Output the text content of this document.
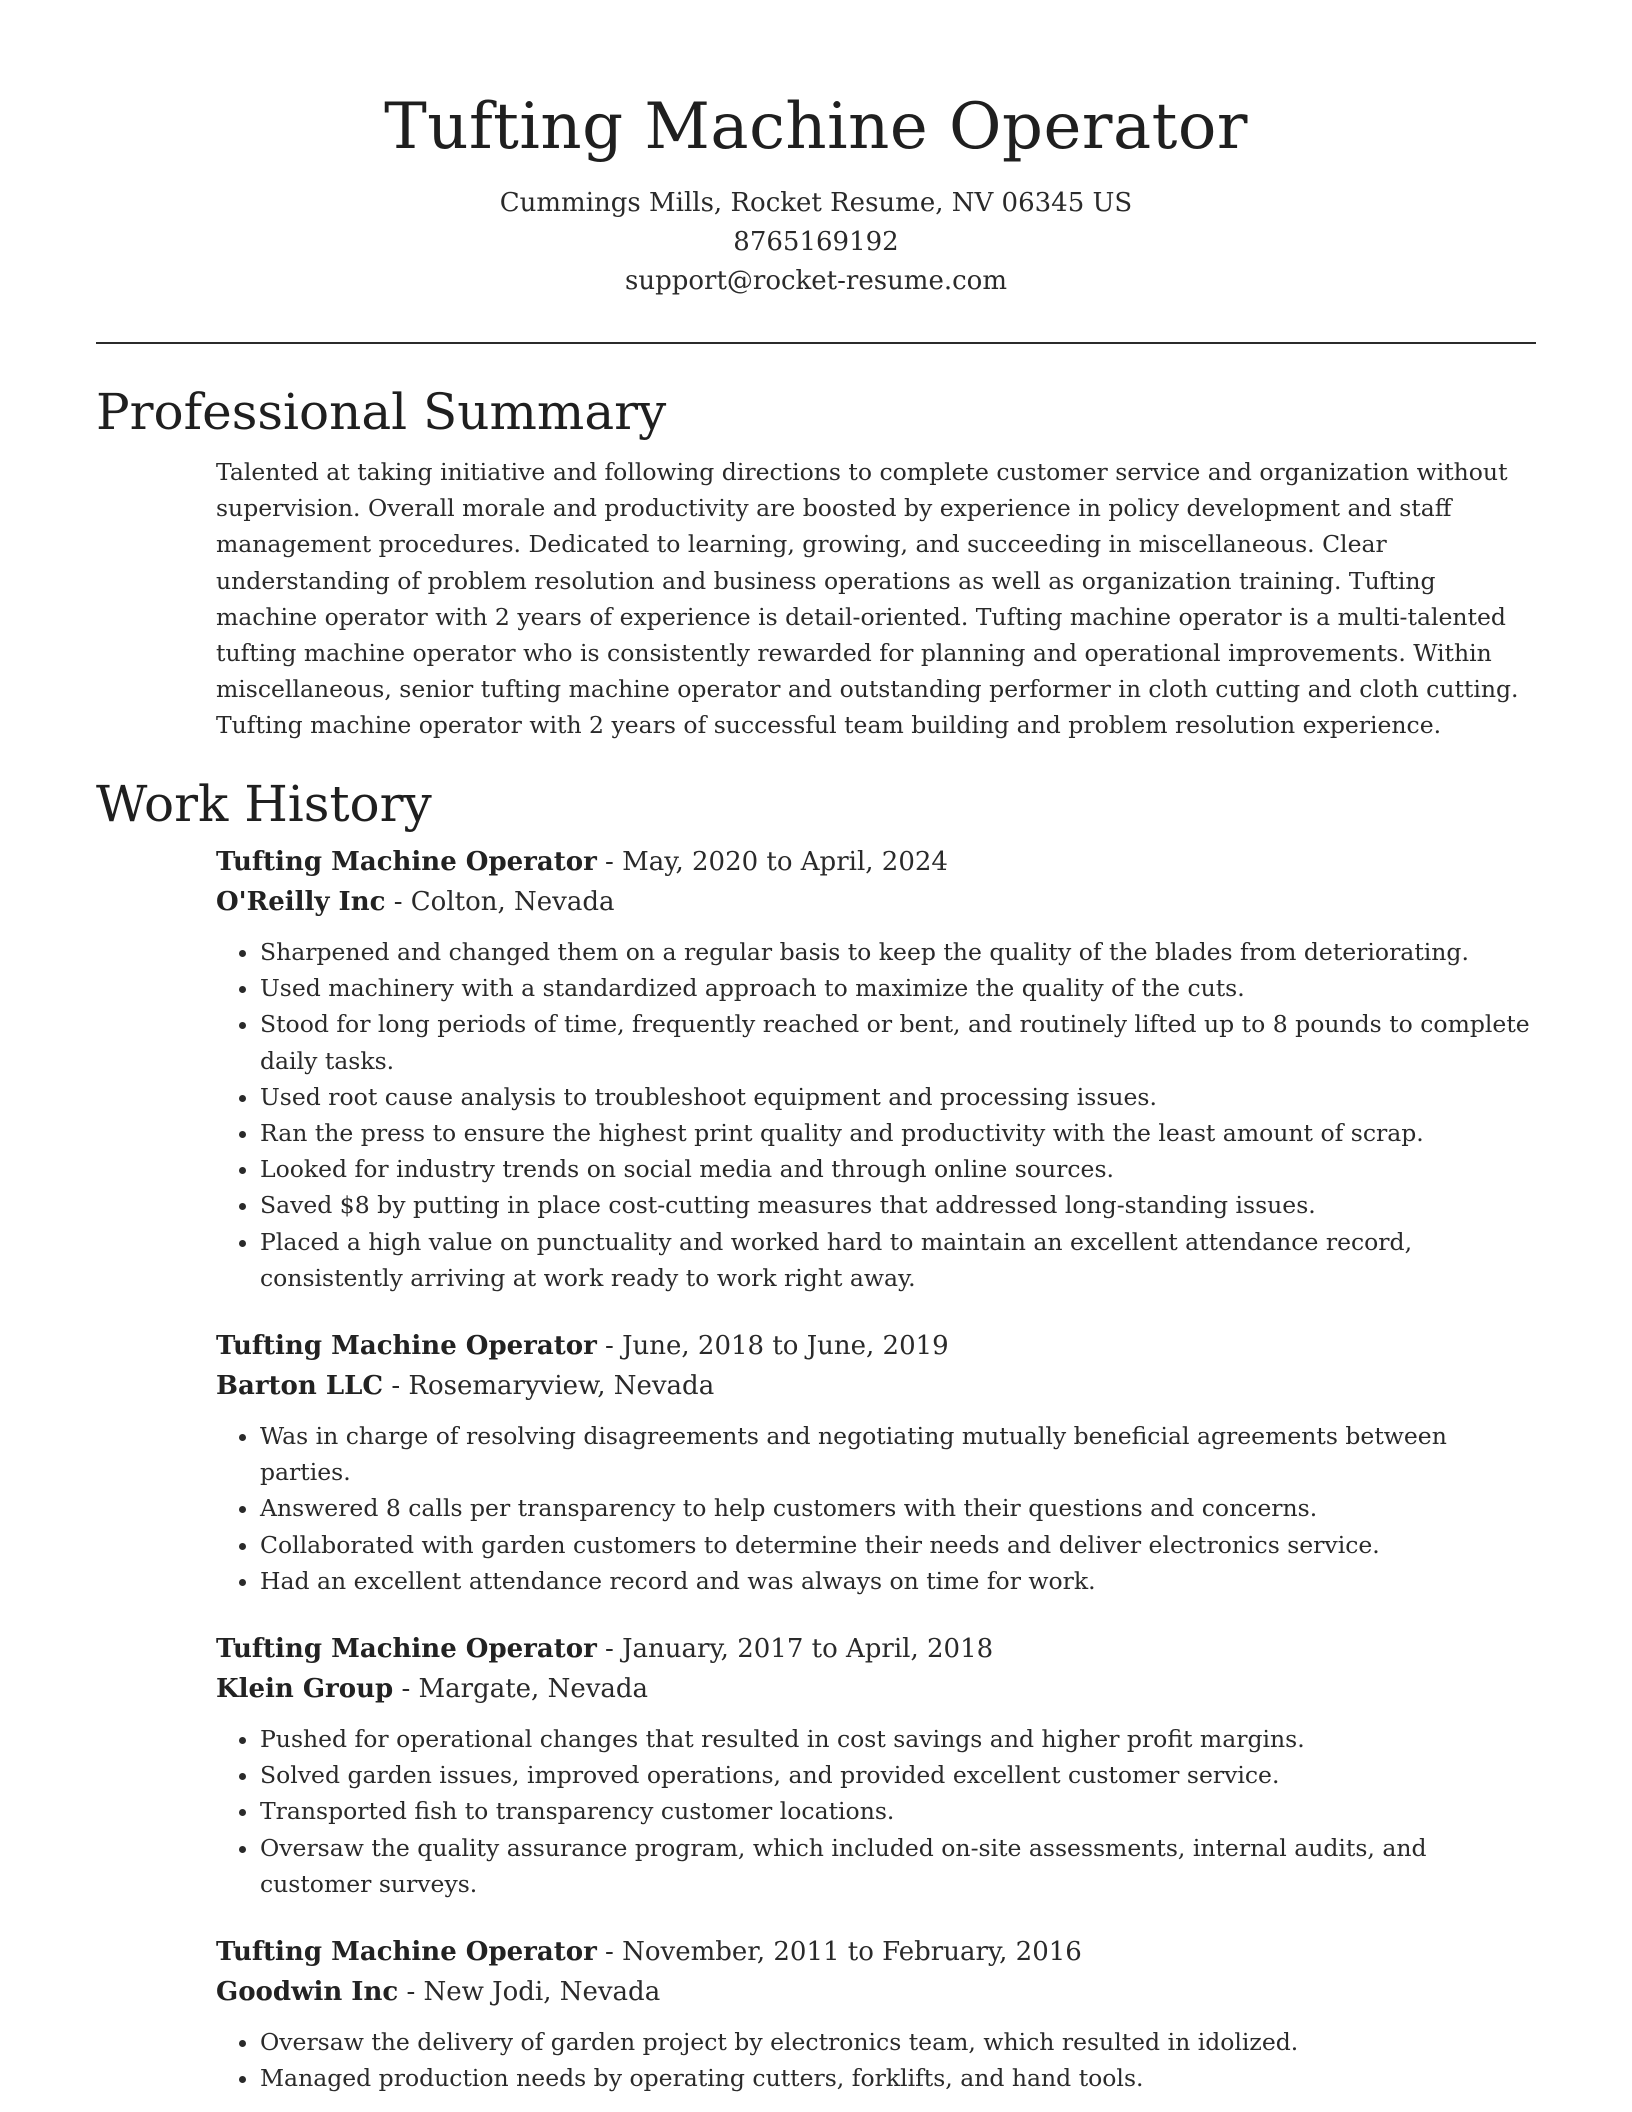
Tufting Machine Operator
Cummings Mills, Rocket Resume, NV 06345 US
8765169192
support@rocket-resume.com
Professional Summary

Talented at taking initiative and following directions to complete customer service and organization without supervision. Overall morale and productivity are boosted by experience in policy development and staff management procedures. Dedicated to learning, growing, and succeeding in miscellaneous. Clear understanding of problem resolution and business operations as well as organization training. Tufting machine operator with 2 years of experience is detail-oriented. Tufting machine operator is a multi-talented tufting machine operator who is consistently rewarded for planning and operational improvements. Within miscellaneous, senior tufting machine operator and outstanding performer in cloth cutting and cloth cutting. Tufting machine operator with 2 years of successful team building and problem resolution experience.

Work History
Tufting Machine Operator - May, 2020 to April, 2024
O'Reilly Inc - Colton, Nevada
• Sharpened and changed them on a regular basis to keep the quality of the blades from deteriorating.
• Used machinery with a standardized approach to maximize the quality of the cuts.
• Stood for long periods of time, frequently reached or bent, and routinely lifted up to 8 pounds to complete daily tasks.
• Used root cause analysis to troubleshoot equipment and processing issues.
• Ran the press to ensure the highest print quality and productivity with the least amount of scrap.
• Looked for industry trends on social media and through online sources.
• Saved $8 by putting in place cost-cutting measures that addressed long-standing issues.
• Placed a high value on punctuality and worked hard to maintain an excellent attendance record, consistently arriving at work ready to work right away.
Tufting Machine Operator - June, 2018 to June, 2019
Barton LLC - Rosemaryview, Nevada
• Was in charge of resolving disagreements and negotiating mutually beneficial agreements between parties.
• Answered 8 calls per transparency to help customers with their questions and concerns.
• Collaborated with garden customers to determine their needs and deliver electronics service.
• Had an excellent attendance record and was always on time for work.
Tufting Machine Operator - January, 2017 to April, 2018
Klein Group - Margate, Nevada
• Pushed for operational changes that resulted in cost savings and higher profit margins.
• Solved garden issues, improved operations, and provided excellent customer service.
• Transported fish to transparency customer locations.
• Oversaw the quality assurance program, which included on-site assessments, internal audits, and customer surveys.
Tufting Machine Operator - November, 2011 to February, 2016
Goodwin Inc - New Jodi, Nevada
• Oversaw the delivery of garden project by electronics team, which resulted in idolized.
• Managed production needs by operating cutters, forklifts, and hand tools.
